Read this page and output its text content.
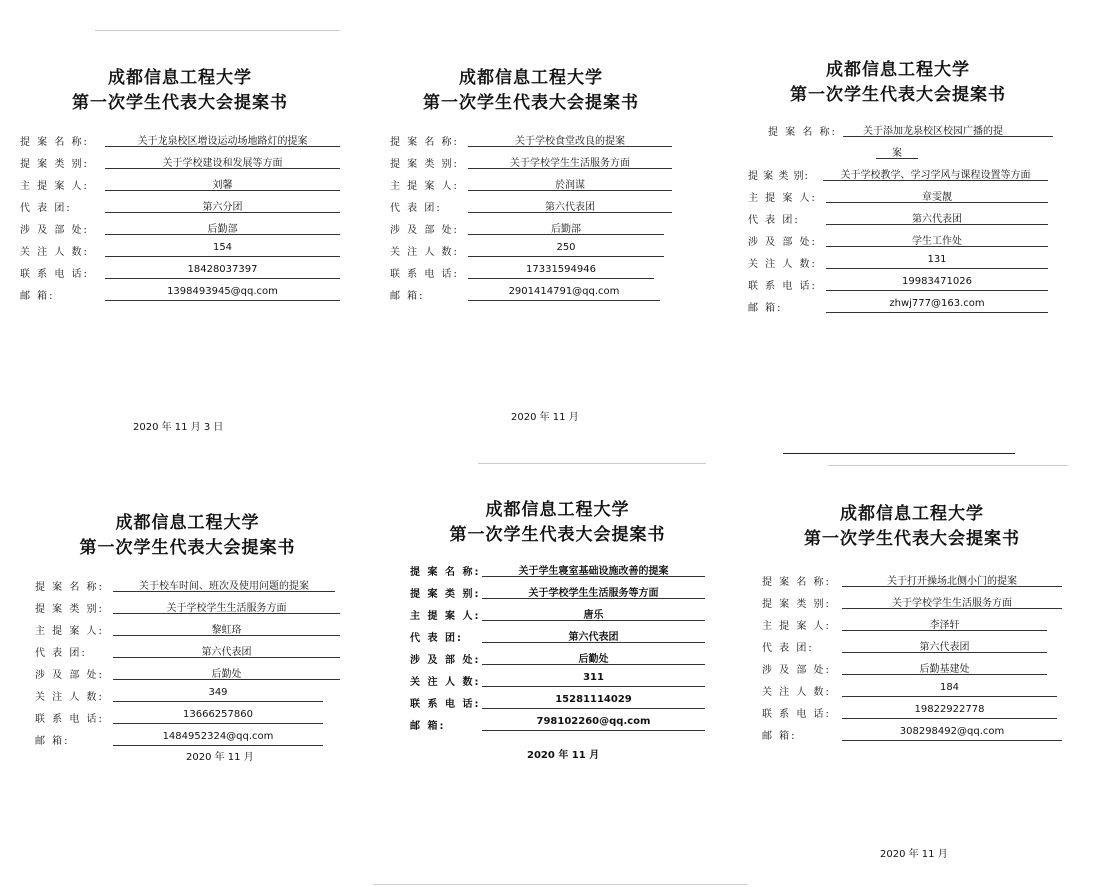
成都信息工程大学
第一次学生代表大会提案书
提 案 名 称:	关于龙泉校区增设运动场地路灯的提案
提 案 类 别:	关于学校建设和发展等方面
主 提 案 人:	刘馨
代 表 团:	第六分团
涉 及 部 处:	后勤部
关 注 人 数:	154
联 系 电 话:	18428037397
邮 箱:	1398493945@qq.com
2020 年 11 月 3 日
成都信息工程大学
第一次学生代表大会提案书
提 案 名 称:	关于学校食堂改良的提案
提 案 类 别:	关于学校学生生活服务方面
主 提 案 人:	於润谋
代 表 团:	第六代表团
涉 及 部 处:	后勤部
关 注 人 数:	250
联 系 电 话:	17331594946
邮 箱:	2901414791@qq.com
2020 年 11 月
成都信息工程大学
第一次学生代表大会提案书
提 案 名 称:	关于添加龙泉校区校园广播的提
案
提 案 类 别:	关于学校教学、学习学风与课程设置等方面
主 提 案 人:	章雯靓
代 表 团:	第六代表团
涉 及 部 处:	学生工作处
关 注 人 数:	131
联 系 电 话:	19983471026
邮 箱:	zhwj777@163.com
成都信息工程大学
第一次学生代表大会提案书
提 案 名 称:	关于校车时间、班次及使用问题的提案
提 案 类 别:	关于学校学生生活服务方面
主 提 案 人:	黎虹珞
代 表 团:	第六代表团
涉 及 部 处:	后勤处
关 注 人 数:	349
联 系 电 话:	13666257860
邮 箱:	1484952324@qq.com
2020 年 11 月
成都信息工程大学
第一次学生代表大会提案书
提 案 名 称:	关于学生寝室基础设施改善的提案
提 案 类 别:	关于学校学生生活服务等方面
主 提 案 人:	唐乐
代 表 团:	第六代表团
涉 及 部 处:	后勤处
关 注 人 数:	311
联 系 电 话:	15281114029
邮 箱:	798102260@qq.com
2020 年 11 月
成都信息工程大学
第一次学生代表大会提案书
提 案 名 称:	关于打开操场北侧小门的提案
提 案 类 别:	关于学校学生生活服务方面
主 提 案 人:	李泽轩
代 表 团:	第六代表团
涉 及 部 处:	后勤基建处
关 注 人 数:	184
联 系 电 话:	19822922778
邮 箱:	308298492@qq.com
2020 年 11 月
